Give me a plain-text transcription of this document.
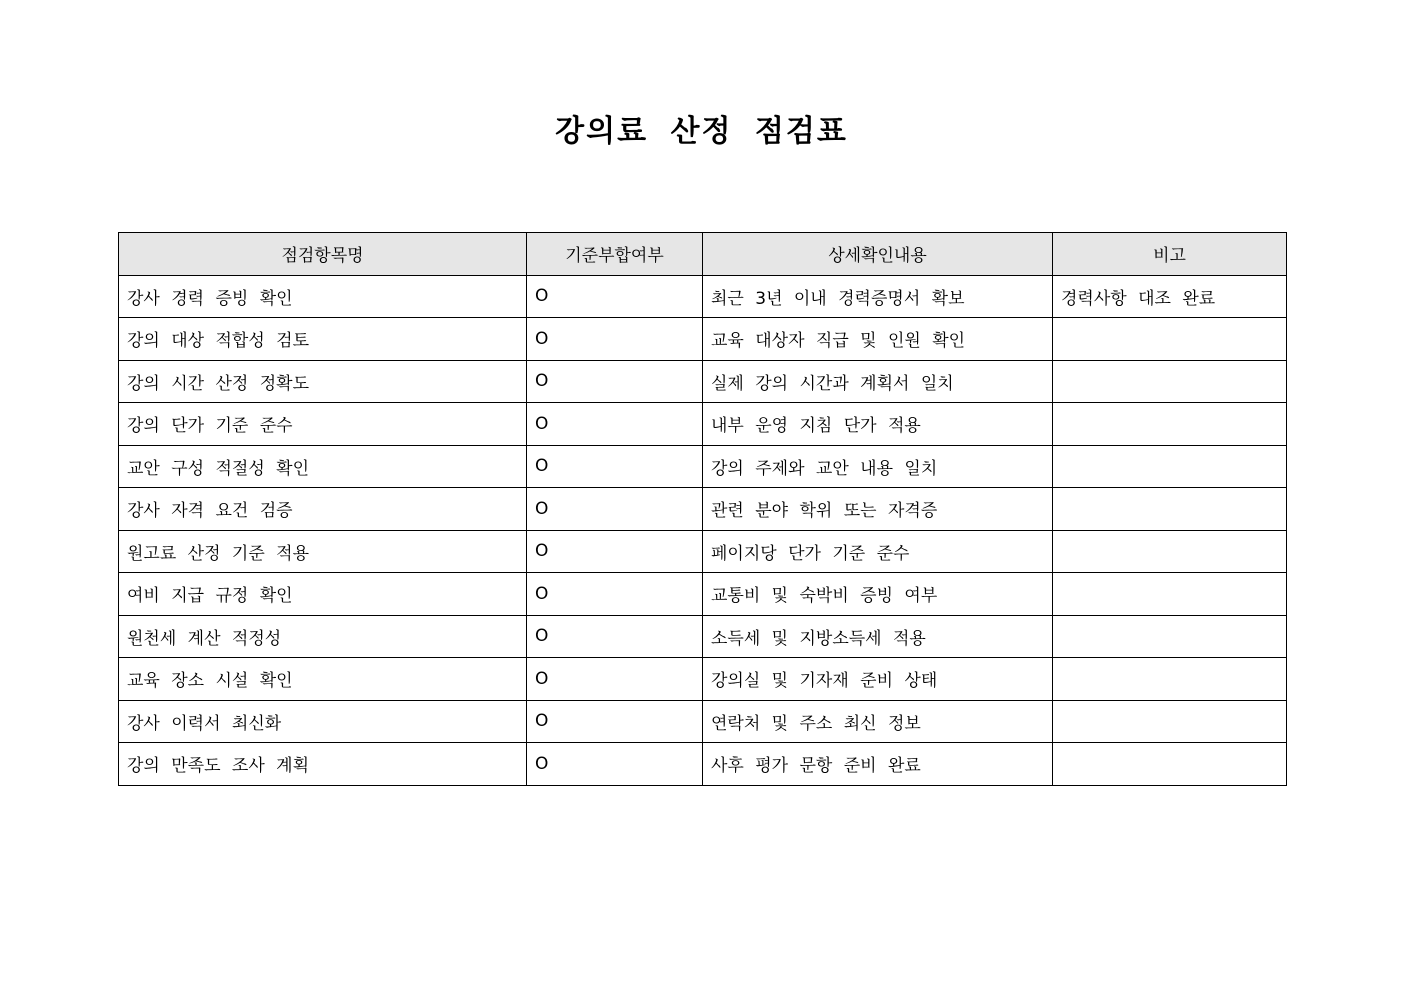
강의료 산정 점검표
점검항목명	기준부합여부	상세확인내용	비고
강사 경력 증빙 확인	O	최근 3년 이내 경력증명서 확보	경력사항 대조 완료
강의 대상 적합성 검토	O	교육 대상자 직급 및 인원 확인	
강의 시간 산정 정확도	O	실제 강의 시간과 계획서 일치	
강의 단가 기준 준수	O	내부 운영 지침 단가 적용	
교안 구성 적절성 확인	O	강의 주제와 교안 내용 일치	
강사 자격 요건 검증	O	관련 분야 학위 또는 자격증	
원고료 산정 기준 적용	O	페이지당 단가 기준 준수	
여비 지급 규정 확인	O	교통비 및 숙박비 증빙 여부	
원천세 계산 적정성	O	소득세 및 지방소득세 적용	
교육 장소 시설 확인	O	강의실 및 기자재 준비 상태	
강사 이력서 최신화	O	연락처 및 주소 최신 정보	
강의 만족도 조사 계획	O	사후 평가 문항 준비 완료	
